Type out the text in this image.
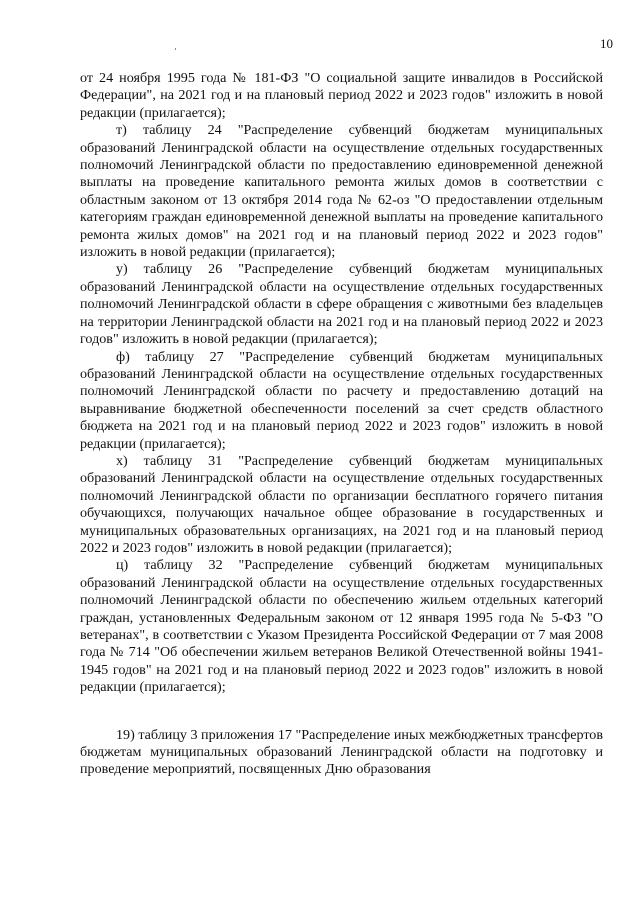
10

от 24 ноября 1995 года № 181-ФЗ "О социальной защите инвалидов в Российской Федерации", на 2021 год и на плановый период 2022 и 2023 годов" изложить в новой редакции (прилагается);

т) таблицу 24 "Распределение субвенций бюджетам муниципальных образований Ленинградской области на осуществление отдельных государственных полномочий Ленинградской области по предоставлению единовременной денежной выплаты на проведение капитального ремонта жилых домов в соответствии с областным законом от 13 октября 2014 года № 62-оз "О предоставлении отдельным категориям граждан единовременной денежной выплаты на проведение капитального ремонта жилых домов" на 2021 год и на плановый период 2022 и 2023 годов" изложить в новой редакции (прилагается);

у) таблицу 26 "Распределение субвенций бюджетам муниципальных образований Ленинградской области на осуществление отдельных государственных полномочий Ленинградской области в сфере обращения с животными без владельцев на территории Ленинградской области на 2021 год и на плановый период 2022 и 2023 годов" изложить в новой редакции (прилагается);

ф) таблицу 27 "Распределение субвенций бюджетам муниципальных образований Ленинградской области на осуществление отдельных государственных полномочий Ленинградской области по расчету и предоставлению дотаций на выравнивание бюджетной обеспеченности поселений за счет средств областного бюджета на 2021 год и на плановый период 2022 и 2023 годов" изложить в новой редакции (прилагается);

х) таблицу 31 "Распределение субвенций бюджетам муниципальных образований Ленинградской области на осуществление отдельных государственных полномочий Ленинградской области по организации бесплатного горячего питания обучающихся, получающих начальное общее образование в государственных и муниципальных образовательных организациях, на 2021 год и на плановый период 2022 и 2023 годов" изложить в новой редакции (прилагается);

ц) таблицу 32 "Распределение субвенций бюджетам муниципальных образований Ленинградской области на осуществление отдельных государственных полномочий Ленинградской области по обеспечению жильем отдельных категорий граждан, установленных Федеральным законом от 12 января 1995 года № 5-ФЗ "О ветеранах", в соответствии с Указом Президента Российской Федерации от 7 мая 2008 года № 714 "Об обеспечении жильем ветеранов Великой Отечественной войны 1941-1945 годов" на 2021 год и на плановый период 2022 и 2023 годов" изложить в новой редакции (прилагается);

19) таблицу 3 приложения 17 "Распределение иных межбюджетных трансфертов бюджетам муниципальных образований Ленинградской области на подготовку и проведение мероприятий, посвященных Дню образования
